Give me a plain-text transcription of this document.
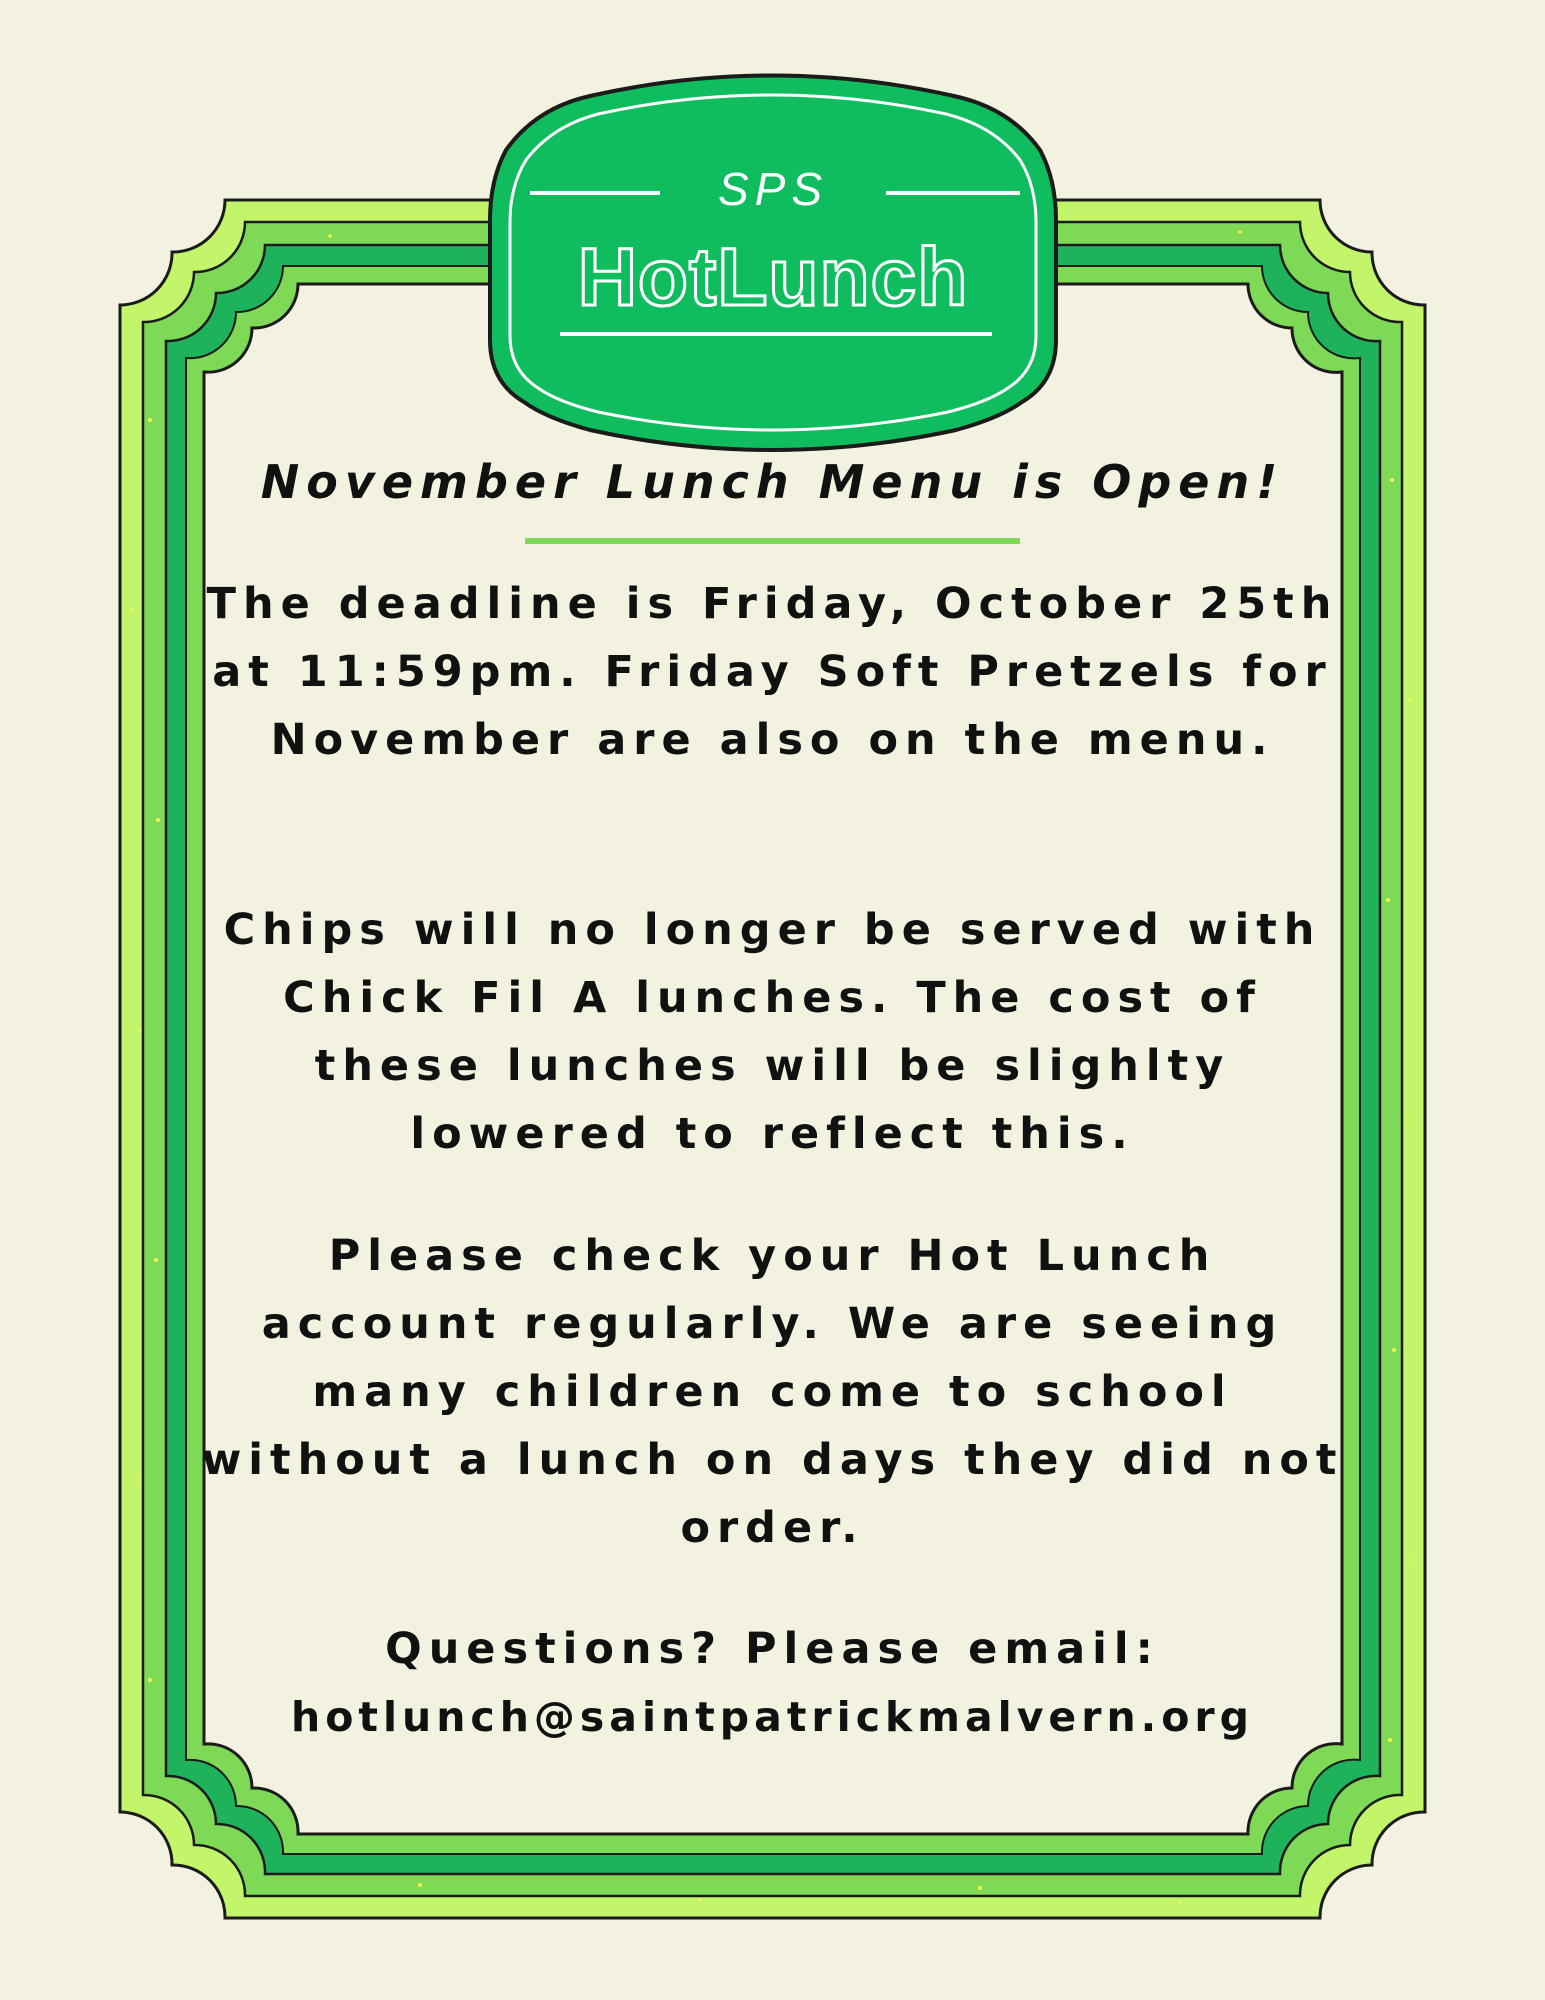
SPS
HotLunch
November Lunch Menu is Open!

The deadline is Friday, October 25th at 11:59pm. Friday Soft Pretzels for November are also on the menu.

Chips will no longer be served with Chick Fil A lunches. The cost of these lunches will be slighlty lowered to reflect this.

Please check your Hot Lunch account regularly. We are seeing many children come to school without a lunch on days they did not order.

Questions? Please email:
hotlunch@saintpatrickmalvern.org
